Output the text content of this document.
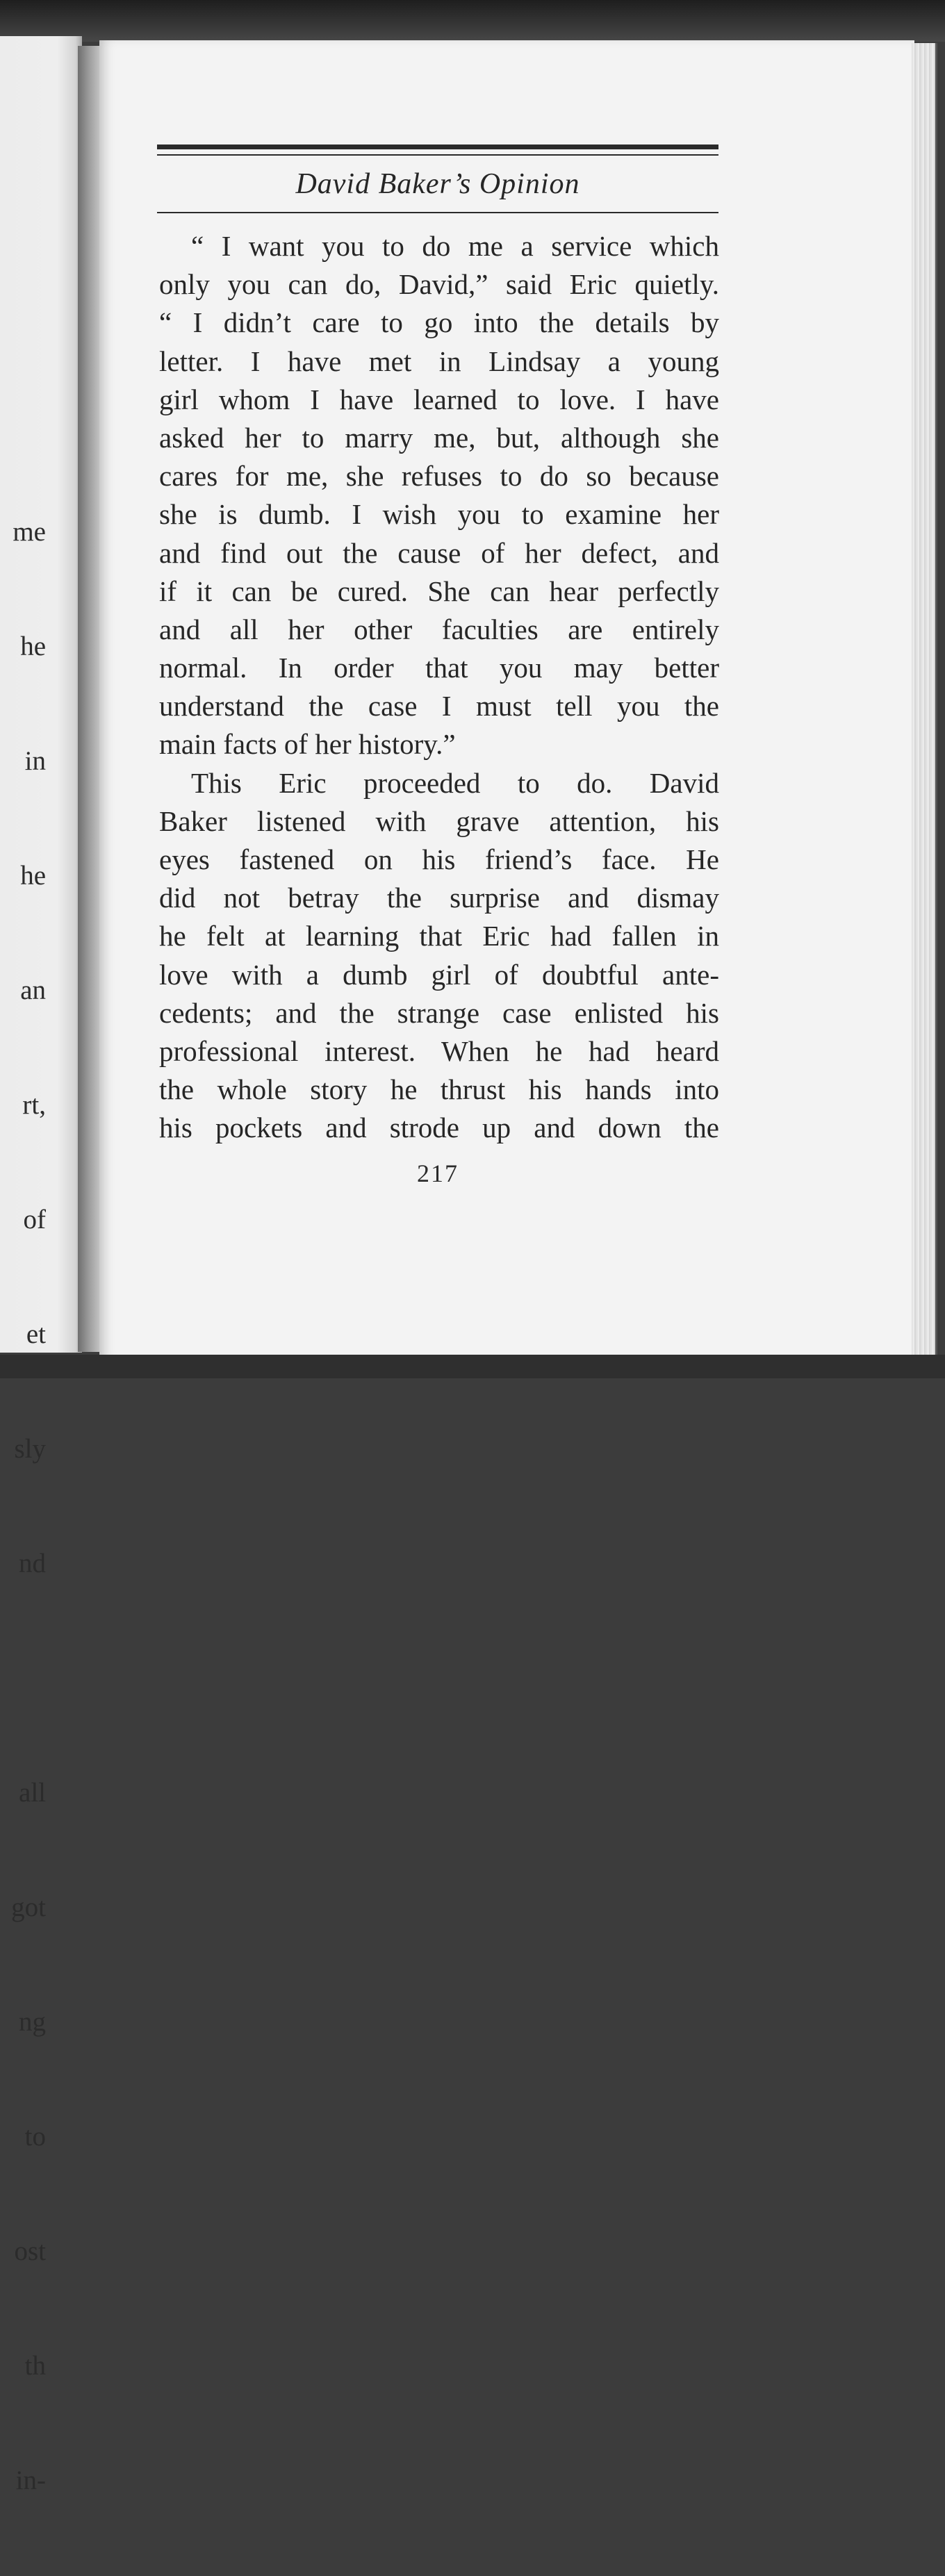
me

he

in

he

an

rt,

of

et

sly

nd

all

got

ng

to

ost

th

in-

David Baker’s Opinion
“ I want you to do me a service which
only you can do, David,” said Eric quietly.
“ I didn’t care to go into the details by
letter. I have met in Lindsay a young
girl whom I have learned to love. I have
asked her to marry me, but, although she
cares for me, she refuses to do so because
she is dumb. I wish you to examine her
and find out the cause of her defect, and
if it can be cured. She can hear perfectly
and all her other faculties are entirely
normal. In order that you may better
understand the case I must tell you the
main facts of her history.”
This Eric proceeded to do. David
Baker listened with grave attention, his
eyes fastened on his friend’s face. He
did not betray the surprise and dismay
he felt at learning that Eric had fallen in
love with a dumb girl of doubtful ante-
cedents; and the strange case enlisted his
professional interest. When he had heard
the whole story he thrust his hands into
his pockets and strode up and down the
217
